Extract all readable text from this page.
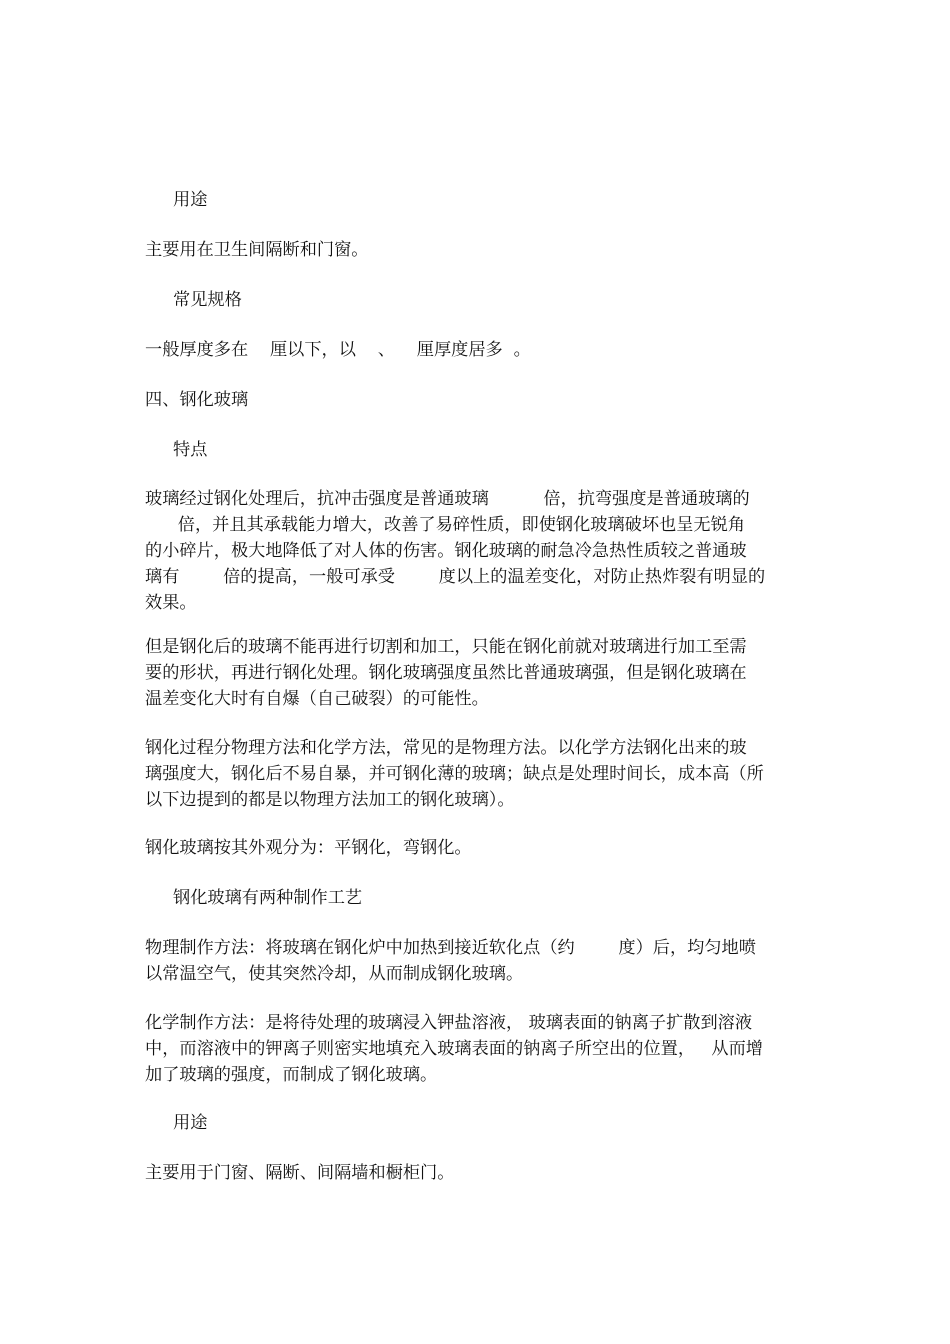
用途
主要用在卫生间隔断和门窗。
常见规格
一般厚度多在    厘以下，以    、    厘厚度居多  。
四、钢化玻璃
特点
玻璃经过钢化处理后，抗冲击强度是普通玻璃          倍，抗弯强度是普通玻璃的
倍，并且其承载能力增大，改善了易碎性质，即使钢化玻璃破坏也呈无锐角
的小碎片，极大地降低了对人体的伤害。钢化玻璃的耐急冷急热性质较之普通玻
璃有        倍的提高，一般可承受        度以上的温差变化，对防止热炸裂有明显的
效果。
但是钢化后的玻璃不能再进行切割和加工，只能在钢化前就对玻璃进行加工至需
要的形状，再进行钢化处理。钢化玻璃强度虽然比普通玻璃强，但是钢化玻璃在
温差变化大时有自爆（自己破裂）的可能性。
钢化过程分物理方法和化学方法，常见的是物理方法。以化学方法钢化出来的玻
璃强度大，钢化后不易自暴，并可钢化薄的玻璃；缺点是处理时间长，成本高（所
以下边提到的都是以物理方法加工的钢化玻璃）。
钢化玻璃按其外观分为：平钢化，弯钢化。
钢化玻璃有两种制作工艺
物理制作方法：将玻璃在钢化炉中加热到接近软化点（约        度）后，均匀地喷
以常温空气，使其突然冷却，从而制成钢化玻璃。
化学制作方法：是将待处理的玻璃浸入钾盐溶液， 玻璃表面的钠离子扩散到溶液
中，而溶液中的钾离子则密实地填充入玻璃表面的钠离子所空出的位置，   从而增
加了玻璃的强度，而制成了钢化玻璃。
用途
主要用于门窗、隔断、间隔墙和橱柜门。
